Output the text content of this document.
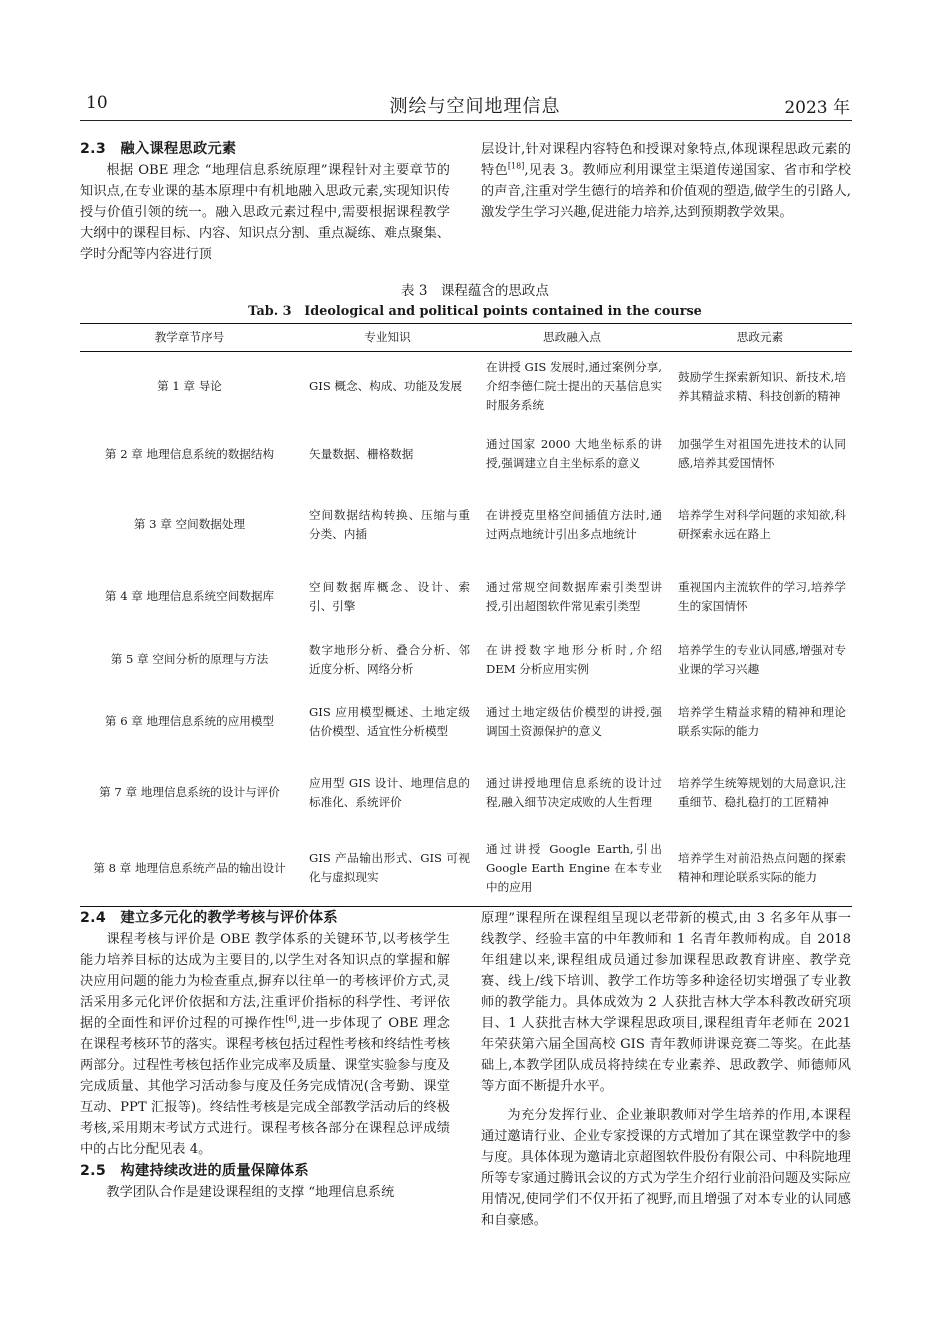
10	测绘与空间地理信息	2023 年
2.3　融入课程思政元素

根据 OBE 理念 “地理信息系统原理”课程针对主要章节的知识点,在专业课的基本原理中有机地融入思政元素,实现知识传授与价值引领的统一。融入思政元素过程中,需要根据课程教学大纲中的课程目标、内容、知识点分割、重点凝练、难点聚集、学时分配等内容进行顶

层设计,针对课程内容特色和授课对象特点,体现课程思政元素的特色[18],见表 3。教师应利用课堂主渠道传递国家、省市和学校的声音,注重对学生德行的培养和价值观的塑造,做学生的引路人,激发学生学习兴趣,促进能力培养,达到预期教学效果。

表 3　课程蕴含的思政点
Tab. 3　Ideological and political points contained in the course
教学章节序号	专业知识	思政融入点	思政元素
第 1 章 导论	GIS 概念、构成、功能及发展	在讲授 GIS 发展时,通过案例分享,介绍李德仁院士提出的天基信息实时服务系统	鼓励学生探索新知识、新技术,培养其精益求精、科技创新的精神
第 2 章 地理信息系统的数据结构	矢量数据、栅格数据	通过国家 2000 大地坐标系的讲授,强调建立自主坐标系的意义	加强学生对祖国先进技术的认同感,培养其爱国情怀
第 3 章 空间数据处理	空间数据结构转换、压缩与重分类、内插	在讲授克里格空间插值方法时,通过两点地统计引出多点地统计	培养学生对科学问题的求知欲,科研探索永远在路上
第 4 章 地理信息系统空间数据库	空间数据库概念、设计、索引、引擎	通过常规空间数据库索引类型讲授,引出超图软件常见索引类型	重视国内主流软件的学习,培养学生的家国情怀
第 5 章 空间分析的原理与方法	数字地形分析、叠合分析、邻近度分析、网络分析	在讲授数字地形分析时,介绍 DEM 分析应用实例	培养学生的专业认同感,增强对专业课的学习兴趣
第 6 章 地理信息系统的应用模型	GIS 应用模型概述、土地定级估价模型、适宜性分析模型	通过土地定级估价模型的讲授,强调国土资源保护的意义	培养学生精益求精的精神和理论联系实际的能力
第 7 章 地理信息系统的设计与评价	应用型 GIS 设计、地理信息的标准化、系统评价	通过讲授地理信息系统的设计过程,融入细节决定成败的人生哲理	培养学生统筹规划的大局意识,注重细节、稳扎稳打的工匠精神
第 8 章 地理信息系统产品的输出设计	GIS 产品输出形式、GIS 可视化与虚拟现实	通过讲授 Google Earth,引出 Google Earth Engine 在本专业中的应用	培养学生对前沿热点问题的探索精神和理论联系实际的能力
2.4　建立多元化的教学考核与评价体系

课程考核与评价是 OBE 教学体系的关键环节,以考核学生能力培养目标的达成为主要目的,以学生对各知识点的掌握和解决应用问题的能力为检查重点,摒弃以往单一的考核评价方式,灵活采用多元化评价依据和方法,注重评价指标的科学性、考评依据的全面性和评价过程的可操作性[6],进一步体现了 OBE 理念在课程考核环节的落实。课程考核包括过程性考核和终结性考核两部分。过程性考核包括作业完成率及质量、课堂实验参与度及完成质量、其他学习活动参与度及任务完成情况(含考勤、课堂互动、PPT 汇报等)。终结性考核是完成全部教学活动后的终极考核,采用期末考试方式进行。课程考核各部分在课程总评成绩中的占比分配见表 4。

2.5　构建持续改进的质量保障体系

教学团队合作是建设课程组的支撑 “地理信息系统

原理”课程所在课程组呈现以老带新的模式,由 3 名多年从事一线教学、经验丰富的中年教师和 1 名青年教师构成。自 2018 年组建以来,课程组成员通过参加课程思政教育讲座、教学竞赛、线上/线下培训、教学工作坊等多种途径切实增强了专业教师的教学能力。具体成效为 2 人获批吉林大学本科教改研究项目、1 人获批吉林大学课程思政项目,课程组青年老师在 2021 年荣获第六届全国高校 GIS 青年教师讲课竞赛二等奖。在此基础上,本教学团队成员将持续在专业素养、思政教学、师德师风等方面不断提升水平。

为充分发挥行业、企业兼职教师对学生培养的作用,本课程通过邀请行业、企业专家授课的方式增加了其在课堂教学中的参与度。具体体现为邀请北京超图软件股份有限公司、中科院地理所等专家通过腾讯会议的方式为学生介绍行业前沿问题及实际应用情况,使同学们不仅开拓了视野,而且增强了对本专业的认同感和自豪感。
